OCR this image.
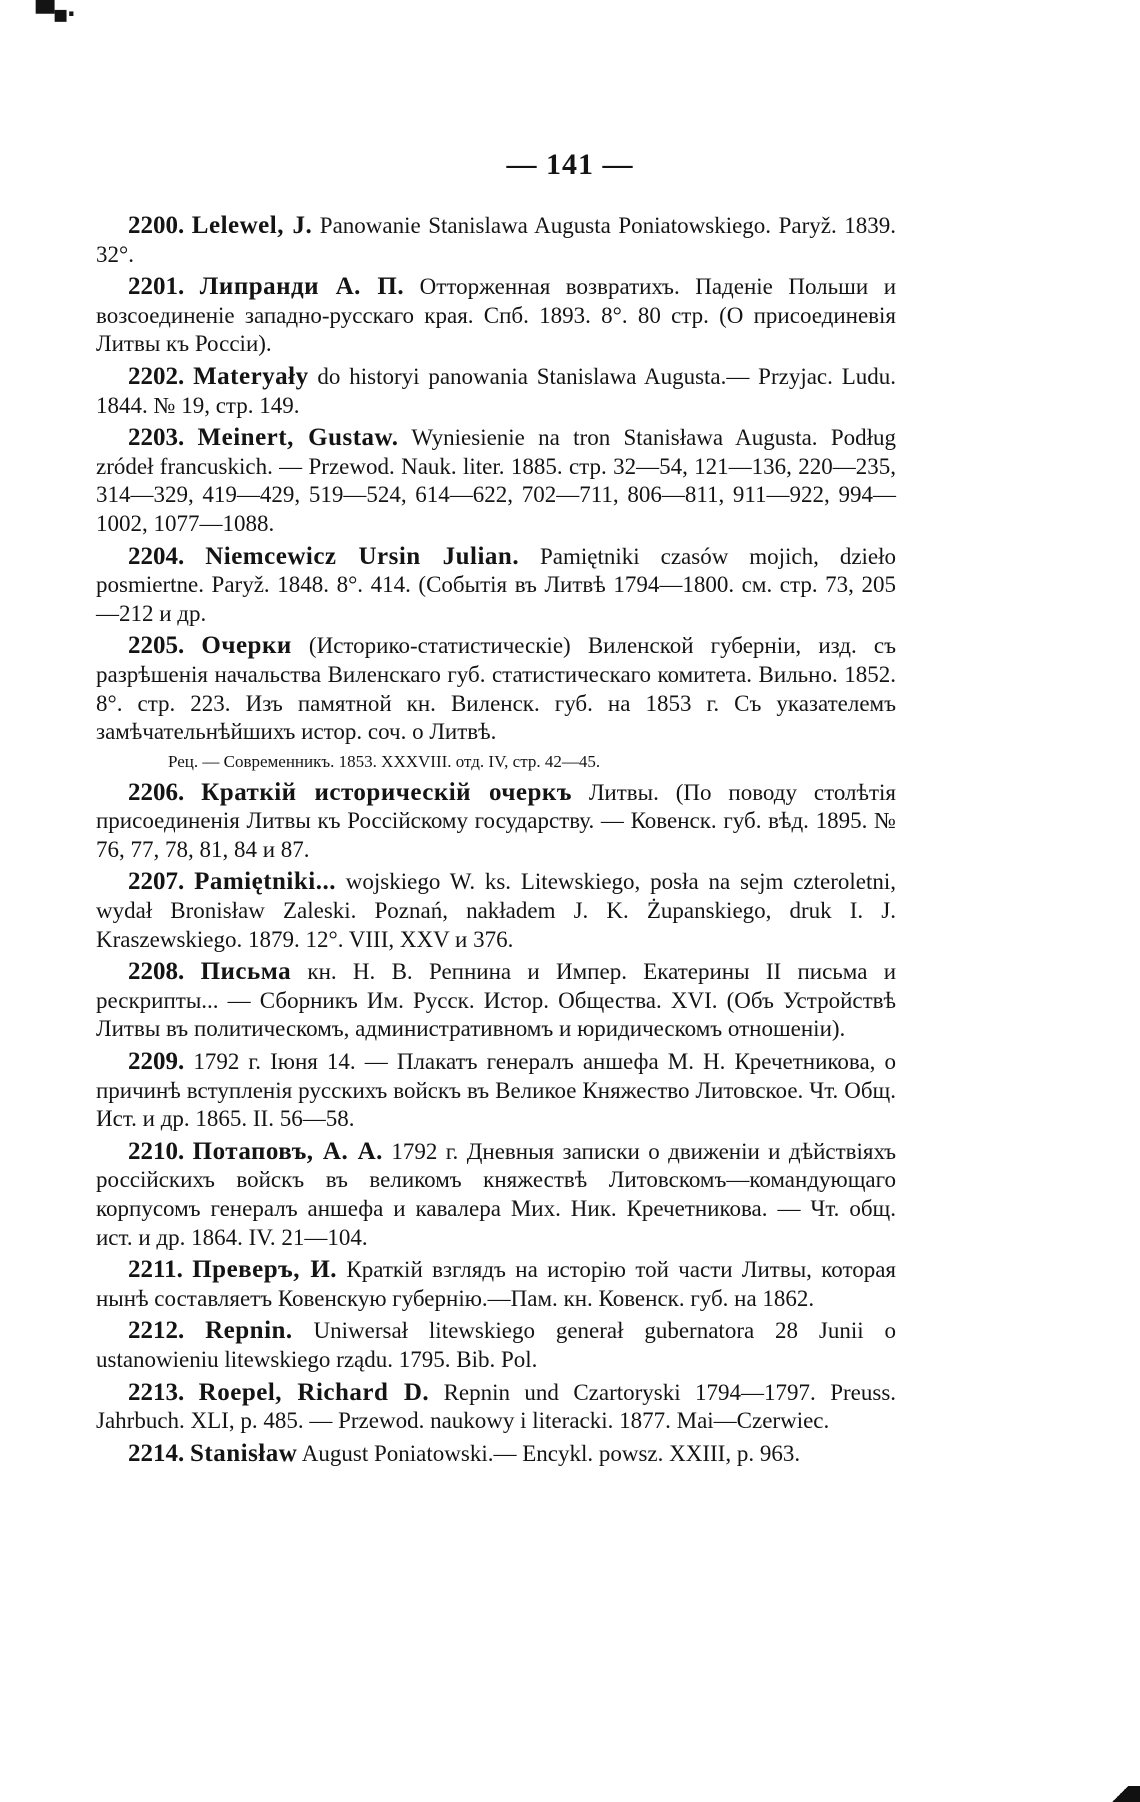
▀▪·
— 141 —

2200. Lelewel, J. Panowanie Stanislawa Augusta Poniatowskiego. Paryž. 1839. 32°.

2201. Липранди А. П. Отторженная возвратихъ. Паденіе Польши и возсоединеніе западно-русскаго края. Спб. 1893. 8°. 80 стр. (О присоединевія Литвы къ Россіи).

2202. Materyały do historyi panowania Stanislawa Augusta.— Przyjac. Ludu. 1844. № 19, стр. 149.

2203. Meinert, Gustaw. Wyniesienie na tron Stanisława Augusta. Podług zródeł francuskich. — Przewod. Nauk. liter. 1885. стр. 32—54, 121—136, 220—235, 314—329, 419—429, 519—524, 614—622, 702—711, 806—811, 911—922, 994—1002, 1077—1088.

2204. Niemcewicz Ursin Julian. Pamiętniki czasów mojich, dzieło posmiertne. Paryž. 1848. 8°. 414. (Событія въ Литвѣ 1794—1800. см. стр. 73, 205—212 и др.

2205. Очерки (Историко-статистическіе) Виленской губерніи, изд. съ разрѣшенія начальства Виленскаго губ. статистическаго комитета. Вильно. 1852. 8°. стр. 223. Изъ памятной кн. Виленск. губ. на 1853 г. Съ указателемъ замѣчательнѣйшихъ истор. соч. о Литвѣ.

Рец. — Современникъ. 1853. XXXVIII. отд. IV, стр. 42—45.

2206. Краткій историческій очеркъ Литвы. (По поводу столѣтія присоединенія Литвы къ Россійскому государству. — Ковенск. губ. вѣд. 1895. № 76, 77, 78, 81, 84 и 87.

2207. Pamiętniki... wojskiego W. ks. Litewskiego, posła na sejm czteroletni, wydał Bronisław Zaleski. Poznań, nakładem J. K. Żupanskiego, druk I. J. Kraszewskiego. 1879. 12°. VIII, XXV и 376.

2208. Письма кн. Н. В. Репнина и Импер. Екатерины II письма и рескрипты... — Сборникъ Им. Русск. Истор. Общества. XVI. (Объ Устройствѣ Литвы въ политическомъ, административномъ и юридическомъ отношеніи).

2209. 1792 г. Іюня 14. — Плакатъ генералъ аншефа М. Н. Кречетникова, о причинѣ вступленія русскихъ войскъ въ Великое Княжество Литовское. Чт. Общ. Ист. и др. 1865. II. 56—58.

2210. Потаповъ, А. А. 1792 г. Дневныя записки о движеніи и дѣйствіяхъ россійскихъ войскъ въ великомъ княжествѣ Литовскомъ—командующаго корпусомъ генералъ аншефа и кавалера Мих. Ник. Кречетникова. — Чт. общ. ист. и др. 1864. IV. 21—104.

2211. Преверъ, И. Краткій взглядъ на исторію той части Литвы, которая нынѣ составляетъ Ковенскую губернію.—Пам. кн. Ковенск. губ. на 1862.

2212. Repnin. Uniwersał litewskiego generał gubernatora 28 Junii o ustanowieniu litewskiego rządu. 1795. Bib. Pol.

2213. Roepel, Richard D. Repnin und Czartoryski 1794—1797. Preuss. Jahrbuch. XLI, p. 485. — Przewod. naukowy i literacki. 1877. Mai—Czerwiec.

2214. Stanisław August Poniatowski.— Encykl. powsz. XXIII, p. 963.
